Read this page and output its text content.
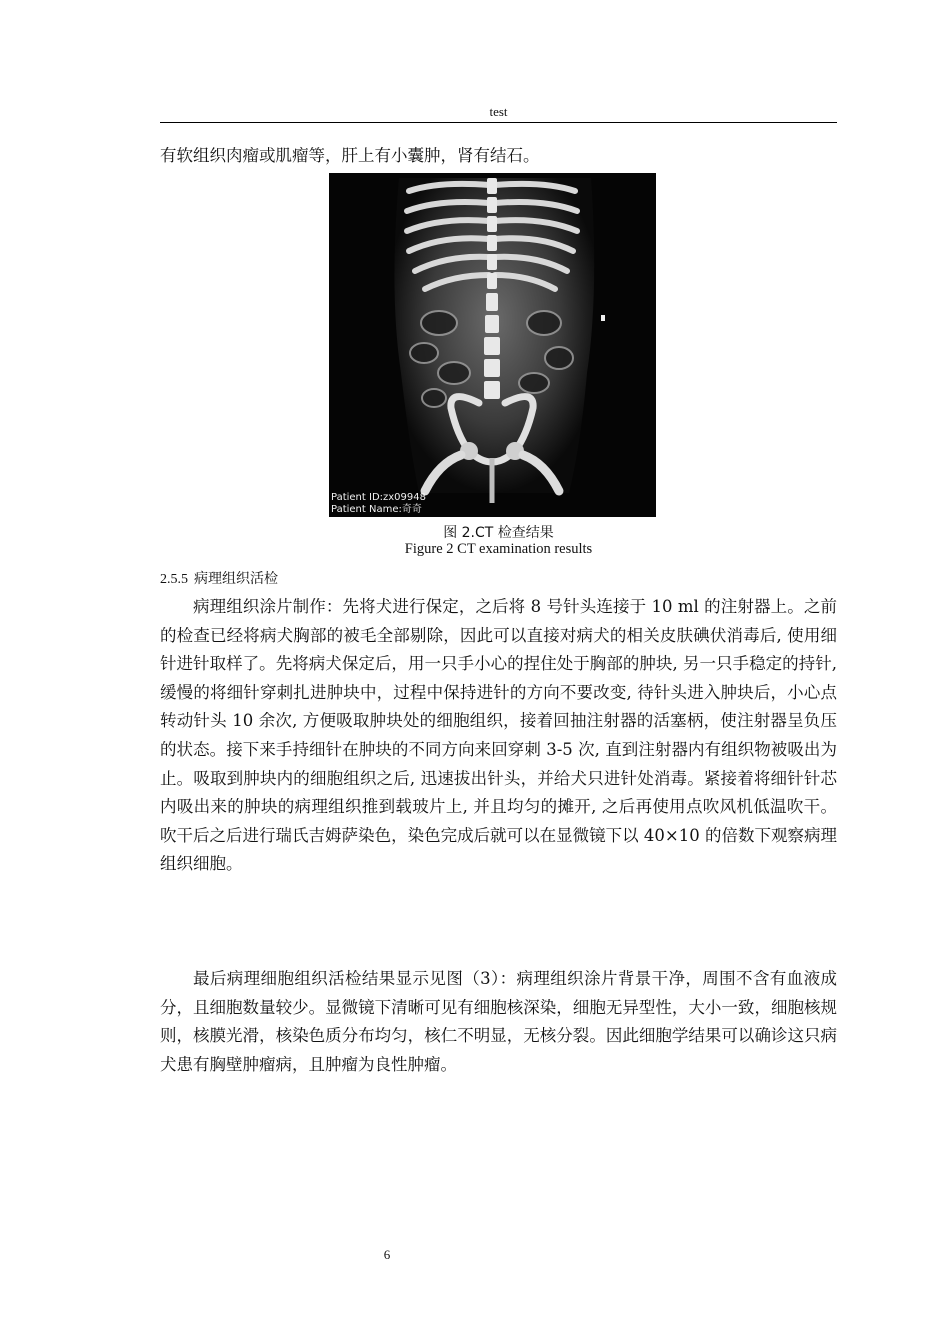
test

有软组织肉瘤或肌瘤等，肝上有小囊肿，肾有结石。

Patient ID:zx09948
Patient Name:奇奇
图 2.CT 检查结果
Figure 2 CT examination results
2.5.5 病理组织活检

病理组织涂片制作：先将犬进行保定，之后将 8 号针头连接于 10 ml 的注射器上。之前的检查已经将病犬胸部的被毛全部剔除，因此可以直接对病犬的相关皮肤碘伏消毒后, 使用细针进针取样了。先将病犬保定后，用一只手小心的捏住处于胸部的肿块, 另一只手稳定的持针, 缓慢的将细针穿刺扎进肿块中，过程中保持进针的方向不要改变, 待针头进入肿块后，小心点转动针头 10 余次, 方便吸取肿块处的细胞组织，接着回抽注射器的活塞柄，使注射器呈负压的状态。接下来手持细针在肿块的不同方向来回穿刺 3-5 次, 直到注射器内有组织物被吸出为止。吸取到肿块内的细胞组织之后, 迅速拔出针头，并给犬只进针处消毒。紧接着将细针针芯内吸出来的肿块的病理组织推到载玻片上, 并且均匀的摊开, 之后再使用点吹风机低温吹干。吹干后之后进行瑞氏吉姆萨染色，染色完成后就可以在显微镜下以 40×10 的倍数下观察病理组织细胞。

最后病理细胞组织活检结果显示见图（3）：病理组织涂片背景干净，周围不含有血液成分，且细胞数量较少。显微镜下清晰可见有细胞核深染，细胞无异型性，大小一致，细胞核规则，核膜光滑，核染色质分布均匀，核仁不明显，无核分裂。因此细胞学结果可以确诊这只病犬患有胸壁肿瘤病，且肿瘤为良性肿瘤。

6
